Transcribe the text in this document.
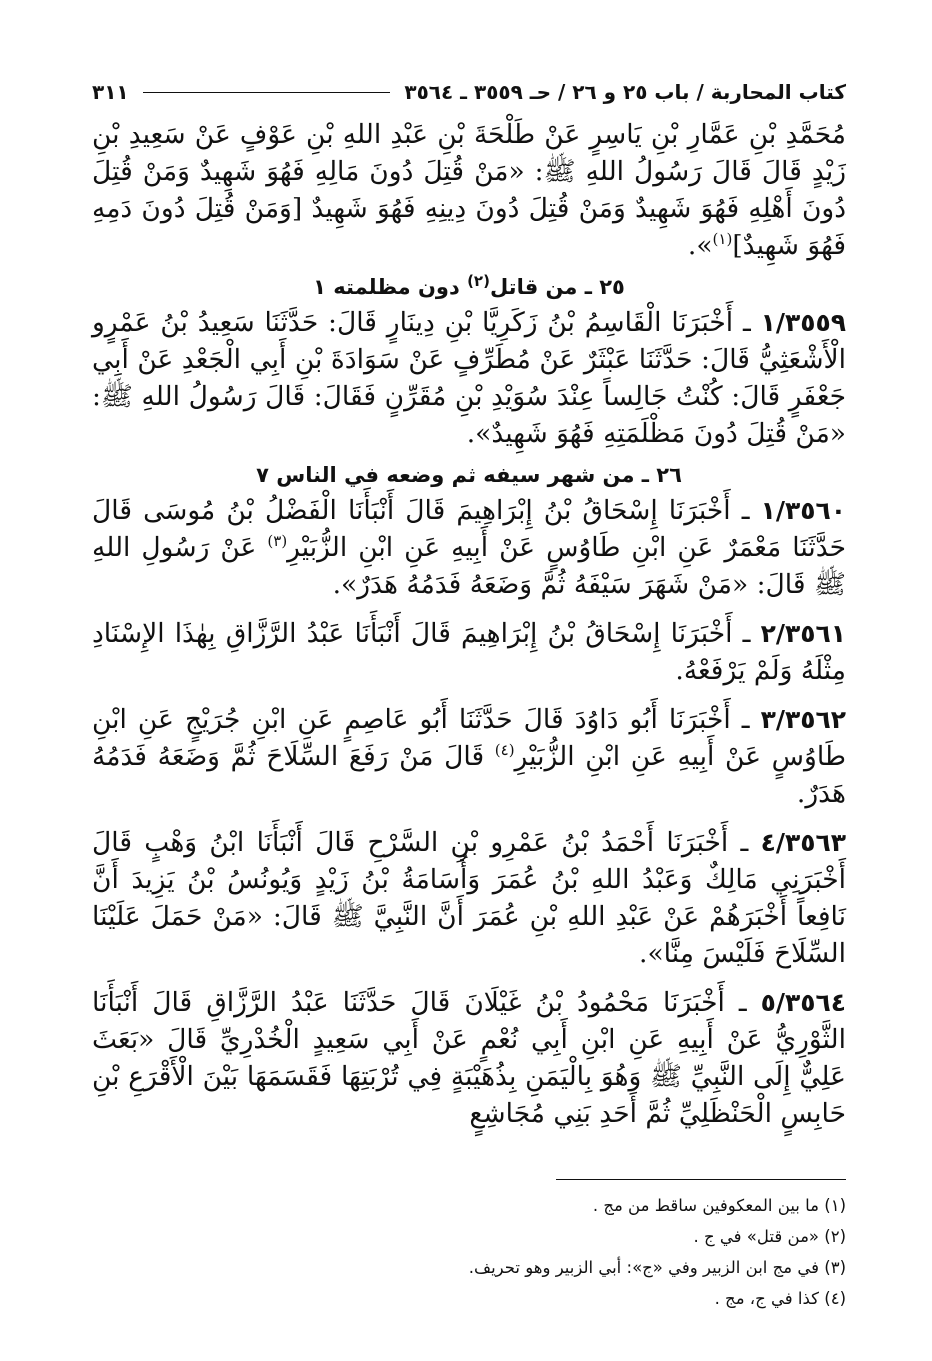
كتاب المحاربة / باب ٢٥ و ٢٦ / حـ ٣٥٥٩ ـ ٣٥٦٤
٣١١

مُحَمَّدِ بْنِ عَمَّارِ بْنِ يَاسِرٍ عَنْ طَلْحَةَ بْنِ عَبْدِ اللهِ بْنِ عَوْفٍ عَنْ سَعِيدِ بْنِ زَيْدٍ قَالَ قَالَ رَسُولُ اللهِ ﷺ: «مَنْ قُتِلَ دُونَ مَالِهِ فَهُوَ شَهِيدٌ وَمَنْ قُتِلَ دُونَ أَهْلِهِ فَهُوَ شَهِيدٌ وَمَنْ قُتِلَ دُونَ دِينِهِ فَهُوَ شَهِيدٌ [وَمَنْ قُتِلَ دُونَ دَمِهِ فَهُوَ شَهِيدٌ]$^{(١)}$».

٢٥ ـ من قاتل$^{(٢)}$ دون مظلمته ١

١/٣٥٥٩ ـ أَخْبَرَنَا الْقَاسِمُ بْنُ زَكَرِيَّا بْنِ دِينَارٍ قَالَ: حَدَّثَنَا سَعِيدُ بْنُ عَمْرٍو الْأَشْعَثِيُّ قَالَ: حَدَّثَنَا عَبْثَرٌ عَنْ مُطَرِّفٍ عَنْ سَوَادَةَ بْنِ أَبِي الْجَعْدِ عَنْ أَبِي جَعْفَرٍ قَالَ: كُنْتُ جَالِساً عِنْدَ سُوَيْدِ بْنِ مُقَرِّنٍ فَقَالَ: قَالَ رَسُولُ اللهِ ﷺ: «مَنْ قُتِلَ دُونَ مَظْلَمَتِهِ فَهُوَ شَهِيدٌ».

٢٦ ـ من شهر سيفه ثم وضعه في الناس ٧

١/٣٥٦٠ ـ أَخْبَرَنَا إِسْحَاقُ بْنُ إِبْرَاهِيمَ قَالَ أَنْبَأَنَا الْفَضْلُ بْنُ مُوسَى قَالَ حَدَّثَنَا مَعْمَرٌ عَنِ ابْنِ طَاوُسٍ عَنْ أَبِيهِ عَنِ ابْنِ الزُّبَيْرِ$^{(٣)}$ عَنْ رَسُولِ اللهِ ﷺ قَالَ: «مَنْ شَهَرَ سَيْفَهُ ثُمَّ وَضَعَهُ فَدَمُهُ هَدَرٌ».

٢/٣٥٦١ ـ أَخْبَرَنَا إِسْحَاقُ بْنُ إِبْرَاهِيمَ قَالَ أَنْبَأَنَا عَبْدُ الرَّزَّاقِ بِهٰذَا الإِسْنَادِ مِثْلَهُ وَلَمْ يَرْفَعْهُ.

٣/٣٥٦٢ ـ أَخْبَرَنَا أَبُو دَاوُدَ قَالَ حَدَّثَنَا أَبُو عَاصِمٍ عَنِ ابْنِ جُرَيْجٍ عَنِ ابْنِ طَاوُسٍ عَنْ أَبِيهِ عَنِ ابْنِ الزُّبَيْرِ$^{(٤)}$ قَالَ مَنْ رَفَعَ السِّلَاحَ ثُمَّ وَضَعَهُ فَدَمُهُ هَدَرٌ.

٤/٣٥٦٣ ـ أَخْبَرَنَا أَحْمَدُ بْنُ عَمْرِو بْنِ السَّرْحِ قَالَ أَنْبَأَنَا ابْنُ وَهْبٍ قَالَ أَخْبَرَنِي مَالِكٌ وَعَبْدُ اللهِ بْنُ عُمَرَ وَأُسَامَةُ بْنُ زَيْدٍ وَيُونُسُ بْنُ يَزِيدَ أَنَّ نَافِعاً أَخْبَرَهُمْ عَنْ عَبْدِ اللهِ بْنِ عُمَرَ أَنَّ النَّبِيَّ ﷺ قَالَ: «مَنْ حَمَلَ عَلَيْنَا السِّلَاحَ فَلَيْسَ مِنَّا».

٥/٣٥٦٤ ـ أَخْبَرَنَا مَحْمُودُ بْنُ غَيْلَانَ قَالَ حَدَّثَنَا عَبْدُ الرَّزَّاقِ قَالَ أَنْبَأَنَا الثَّوْرِيُّ عَنْ أَبِيهِ عَنِ ابْنِ أَبِي نُعْمٍ عَنْ أَبِي سَعِيدٍ الْخُدْرِيِّ قَالَ «بَعَثَ عَلِيٌّ إِلَى النَّبِيِّ ﷺ وَهُوَ بِالْيَمَنِ بِذُهَيْبَةٍ فِي تُرْبَتِهَا فَقَسَمَهَا بَيْنَ الْأَقْرَعِ بْنِ حَابِسٍ الْحَنْظَلِيِّ ثُمَّ أَحَدِ بَنِي مُجَاشِعٍ

(١) ما بين المعكوفين ساقط من مج .

(٢) «من قتل» في ج .

(٣) في مج ابن الزبير وفي «ج»: أبي الزبير وهو تحريف.

(٤) كذا في ج، مج .
